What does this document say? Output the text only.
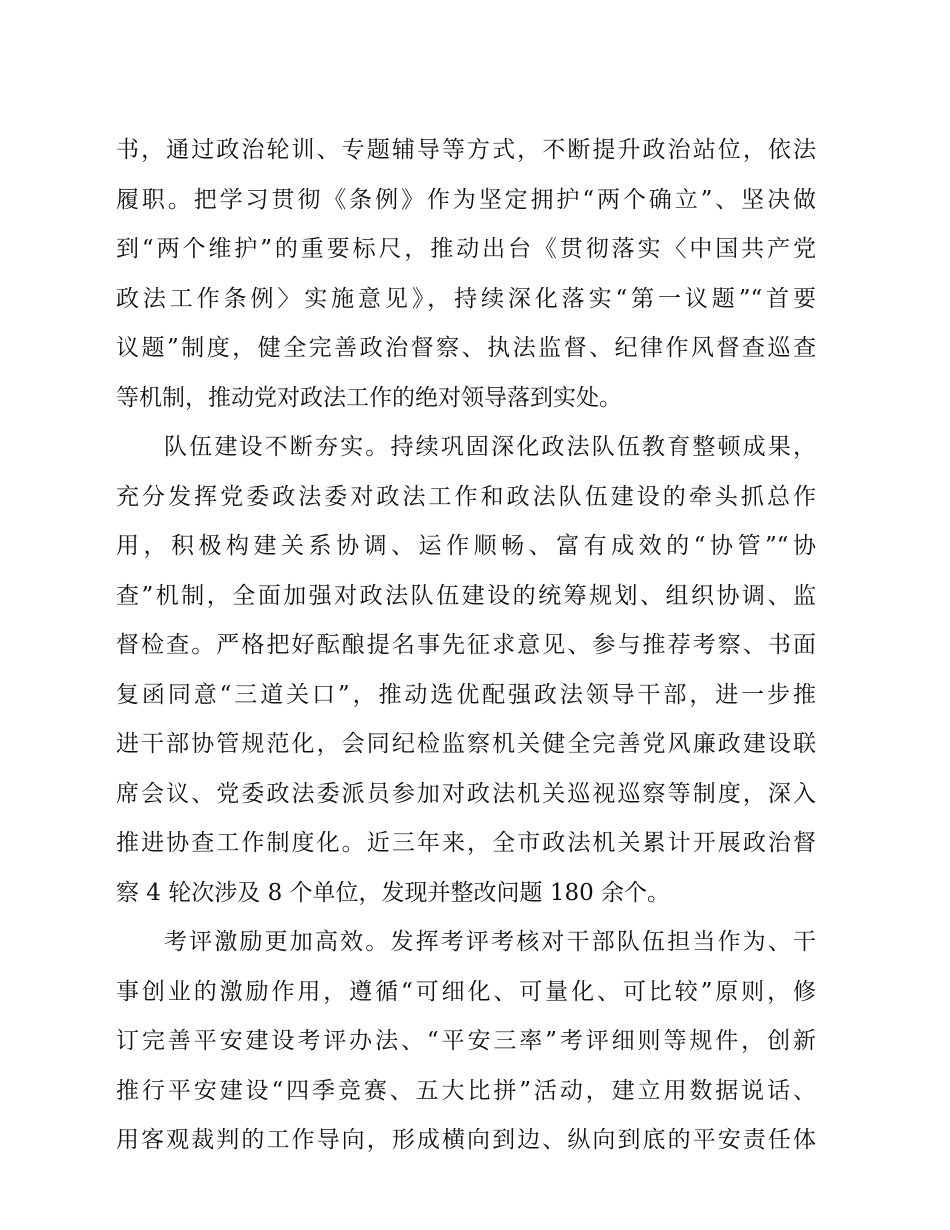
书，通过政治轮训、专题辅导等方式，不断提升政治站位，依法
履职。把学习贯彻《条例》作为坚定拥护“两个确立”、坚决做
到“两个维护”的重要标尺，推动出台《贯彻落实〈中国共产党
政法工作条例〉实施意见》，持续深化落实“第一议题”“首要
议题”制度，健全完善政治督察、执法监督、纪律作风督查巡查
等机制，推动党对政法工作的绝对领导落到实处。
队伍建设不断夯实。持续巩固深化政法队伍教育整顿成果，
充分发挥党委政法委对政法工作和政法队伍建设的牵头抓总作
用，积极构建关系协调、运作顺畅、富有成效的“协管”“协
查”机制，全面加强对政法队伍建设的统筹规划、组织协调、监
督检查。严格把好酝酿提名事先征求意见、参与推荐考察、书面
复函同意“三道关口”，推动选优配强政法领导干部，进一步推
进干部协管规范化，会同纪检监察机关健全完善党风廉政建设联
席会议、党委政法委派员参加对政法机关巡视巡察等制度，深入
推进协查工作制度化。近三年来，全市政法机关累计开展政治督
察 4 轮次涉及 8 个单位，发现并整改问题 180 余个。
考评激励更加高效。发挥考评考核对干部队伍担当作为、干
事创业的激励作用，遵循“可细化、可量化、可比较”原则，修
订完善平安建设考评办法、“平安三率”考评细则等规件，创新
推行平安建设“四季竞赛、五大比拼”活动，建立用数据说话、
用客观裁判的工作导向，形成横向到边、纵向到底的平安责任体
